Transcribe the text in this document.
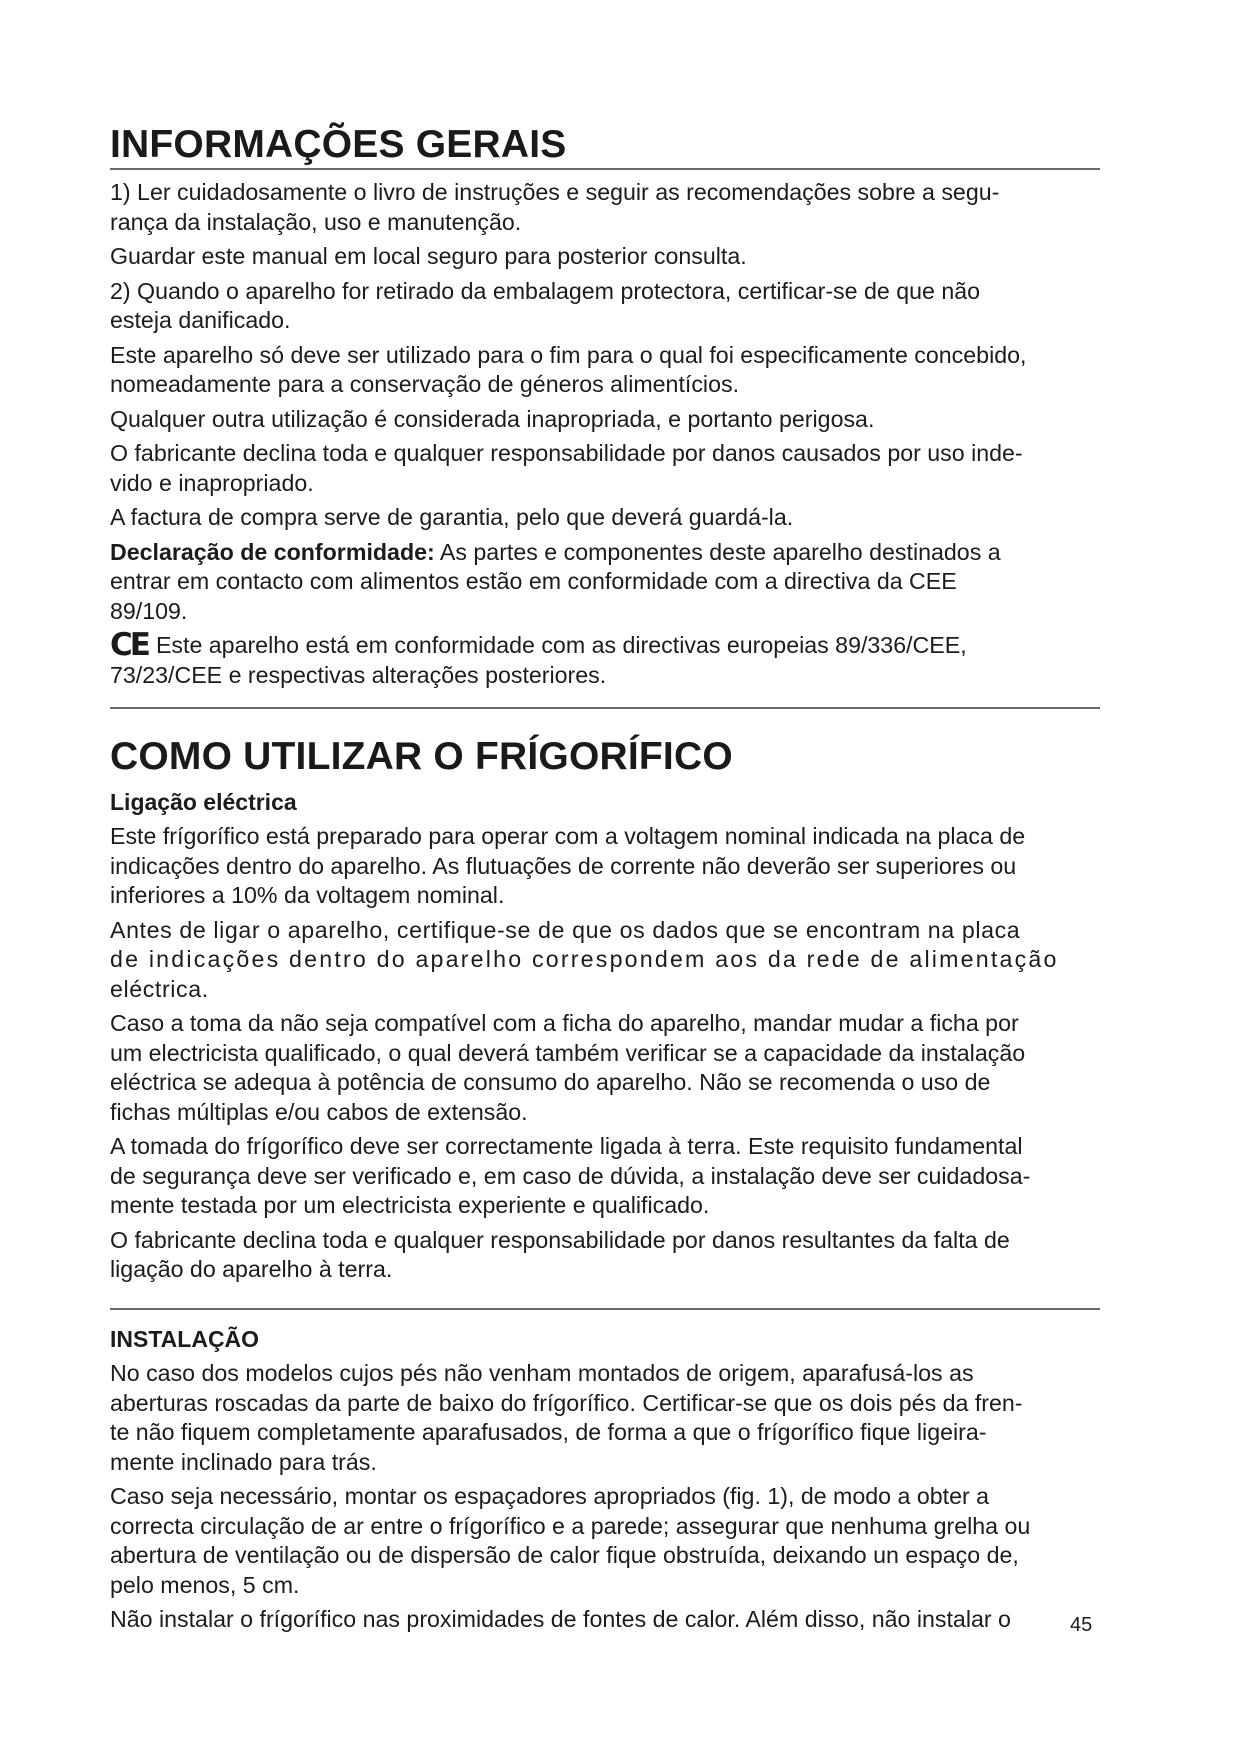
INFORMAÇÕES GERAIS

1) Ler cuidadosamente o livro de instruções e seguir as recomendações sobre a segu-
rança da instalação, uso e manutenção.

Guardar este manual em local seguro para posterior consulta.

2) Quando o aparelho for retirado da embalagem protectora, certificar-se de que não
esteja danificado.

Este aparelho só deve ser utilizado para o fim para o qual foi especificamente concebido,
nomeadamente para a conservação de géneros alimentícios.

Qualquer outra utilização é considerada inapropriada, e portanto perigosa.

O fabricante declina toda e qualquer responsabilidade por danos causados por uso inde-
vido e inapropriado.

A factura de compra serve de garantia, pelo que deverá guardá-la.

Declaração de conformidade: As partes e componentes deste aparelho destinados a
entrar em contacto com alimentos estão em conformidade com a directiva da CEE
89/109.

CE Este aparelho está em conformidade com as directivas europeias 89/336/CEE,
73/23/CEE e respectivas alterações posteriores.

COMO UTILIZAR O FRÍGORÍFICO
Ligação eléctrica

Este frígorífico está preparado para operar com a voltagem nominal indicada na placa de
indicações dentro do aparelho. As flutuações de corrente não deverão ser superiores ou
inferiores a 10% da voltagem nominal.

Antes de ligar o aparelho, certifique-se de que os dados que se encontram na placa
de indicações dentro do aparelho correspondem aos da rede de alimentação
eléctrica.

Caso a toma da não seja compatível com a ficha do aparelho, mandar mudar a ficha por
um electricista qualificado, o qual deverá também verificar se a capacidade da instalação
eléctrica se adequa à potência de consumo do aparelho. Não se recomenda o uso de
fichas múltiplas e/ou cabos de extensão.

A tomada do frígorífico deve ser correctamente ligada à terra. Este requisito fundamental
de segurança deve ser verificado e, em caso de dúvida, a instalação deve ser cuidadosa-
mente testada por um electricista experiente e qualificado.

O fabricante declina toda e qualquer responsabilidade por danos resultantes da falta de
ligação do aparelho à terra.

INSTALAÇÃO

No caso dos modelos cujos pés não venham montados de origem, aparafusá-los as
aberturas roscadas da parte de baixo do frígorífico. Certificar-se que os dois pés da fren-
te não fiquem completamente aparafusados, de forma a que o frígorífico fique ligeira-
mente inclinado para trás.

Caso seja necessário, montar os espaçadores apropriados (fig. 1), de modo a obter a
correcta circulação de ar entre o frígorífico e a parede; assegurar que nenhuma grelha ou
abertura de ventilação ou de dispersão de calor fique obstruída, deixando un espaço de,
pelo menos, 5 cm.

Não instalar o frígorífico nas proximidades de fontes de calor. Além disso, não instalar o	45
